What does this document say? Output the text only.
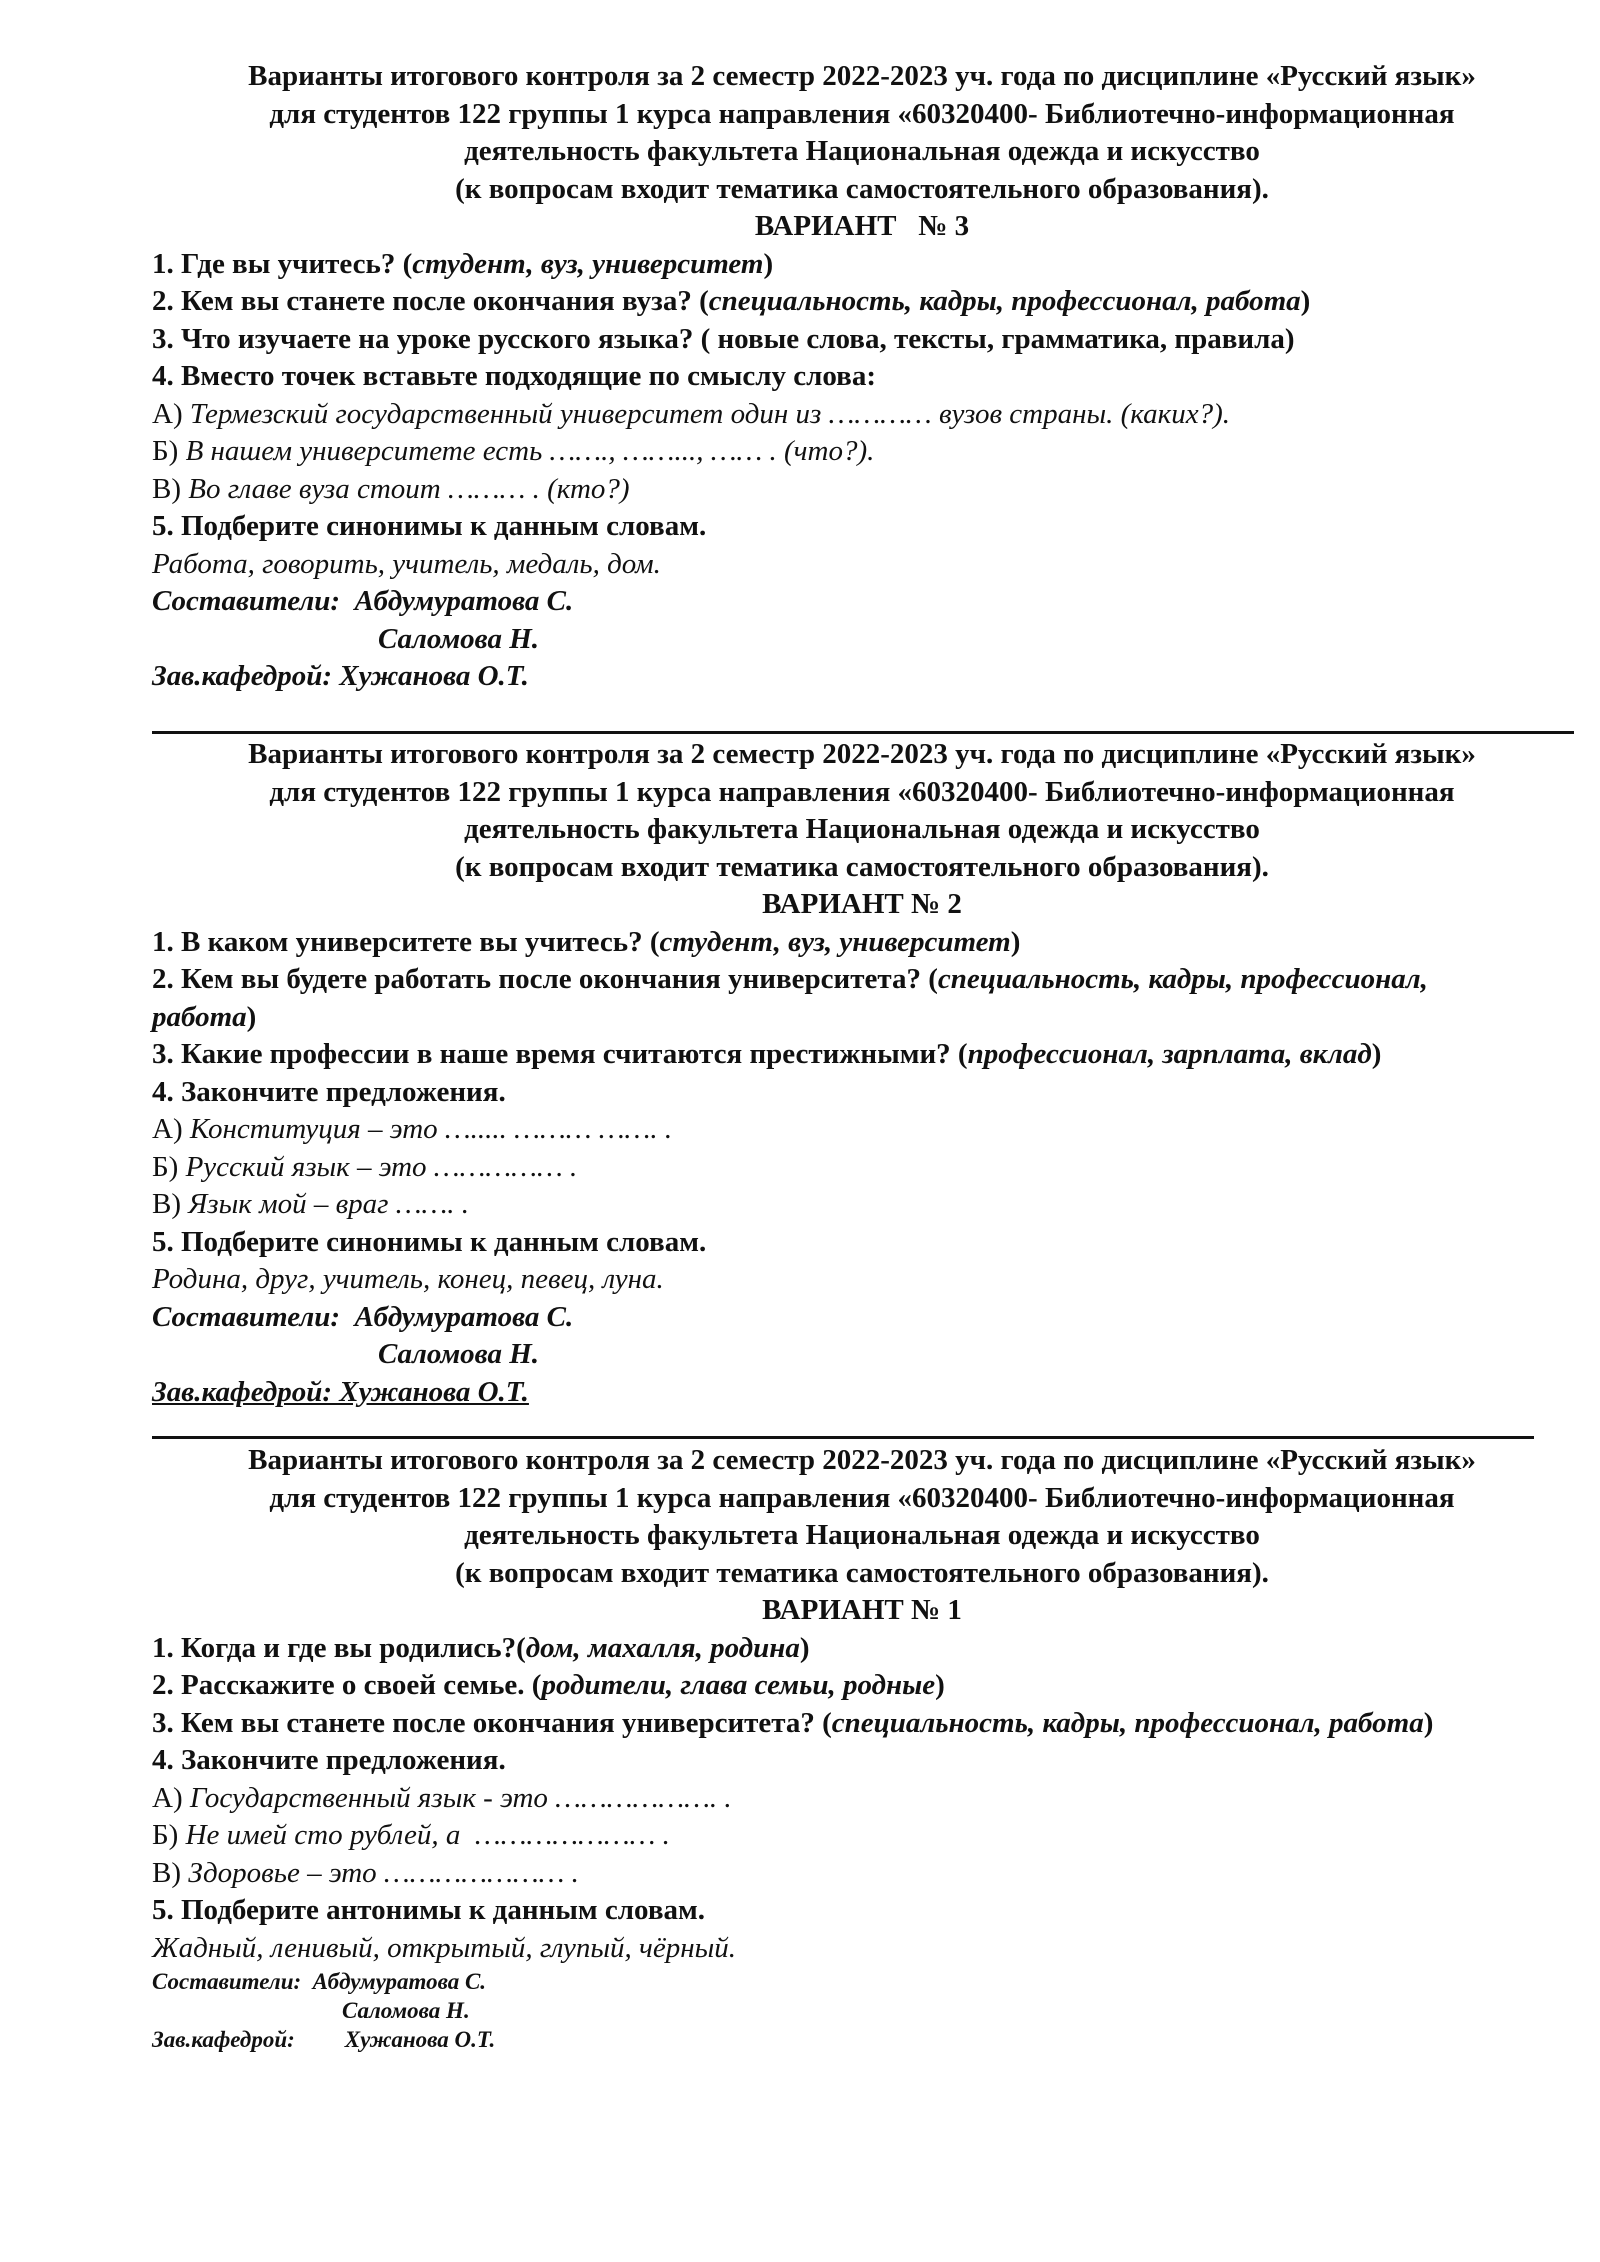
Варианты итогового контроля за 2 семестр 2022-2023 уч. года по дисциплине «Русский язык»
для студентов 122 группы 1 курса направления «60320400- Библиотечно-информационная
деятельность факультета Национальная одежда и искусство
(к вопросам входит тематика самостоятельного образования).
ВАРИАНТ   № 3
1. Где вы учитесь? (студент, вуз, университет)
2. Кем вы станете после окончания вуза? (специальность, кадры, профессионал, работа)
3. Что изучаете на уроке русского языка? ( новые слова, тексты, грамматика, правила)
4. Вместо точек вставьте подходящие по смыслу слова:
А) Термезский государственный университет один из ………… вузов страны. (каких?).
Б) В нашем университете есть ……., ……..., …… . (что?).
В) Во главе вуза стоит ……… . (кто?)
5. Подберите синонимы к данным словам.
Работа, говорить, учитель, медаль, дом.
Составители:  Абдумуратова С.
Саломова Н.
Зав.кафедрой: Хужанова О.Т.
Варианты итогового контроля за 2 семестр 2022-2023 уч. года по дисциплине «Русский язык»
для студентов 122 группы 1 курса направления «60320400- Библиотечно-информационная
деятельность факультета Национальная одежда и искусство
(к вопросам входит тематика самостоятельного образования).
ВАРИАНТ № 2
1. В каком университете вы учитесь? (студент, вуз, университет)
2. Кем вы будете работать после окончания университета? (специальность, кадры, профессионал, работа)
3. Какие профессии в наше время считаются престижными? (профессионал, зарплата, вклад)
4. Закончите предложения.
А) Конституция – это …..... ……… ……. .
Б) Русский язык – это …………… .
В) Язык мой – враг ……. .
5. Подберите синонимы к данным словам.
Родина, друг, учитель, конец, певец, луна.
Составители:  Абдумуратова С.
Саломова Н.
Зав.кафедрой: Хужанова О.Т.
Варианты итогового контроля за 2 семестр 2022-2023 уч. года по дисциплине «Русский язык»
для студентов 122 группы 1 курса направления «60320400- Библиотечно-информационная
деятельность факультета Национальная одежда и искусство
(к вопросам входит тематика самостоятельного образования).
ВАРИАНТ № 1
1. Когда и где вы родились?(дом, махалля, родина)
2. Расскажите о своей семье. (родители, глава семьи, родные)
3. Кем вы станете после окончания университета? (специальность, кадры, профессионал, работа)
4. Закончите предложения.
А) Государственный язык - это ………………. .
Б) Не имей сто рублей, а  ………………… .
В) Здоровье – это ………………… .
5. Подберите антонимы к данным словам.
Жадный, ленивый, открытый, глупый, чёрный.
Составители:  Абдумуратова С.
Саломова Н.
Зав.кафедрой: Хужанова О.Т.
